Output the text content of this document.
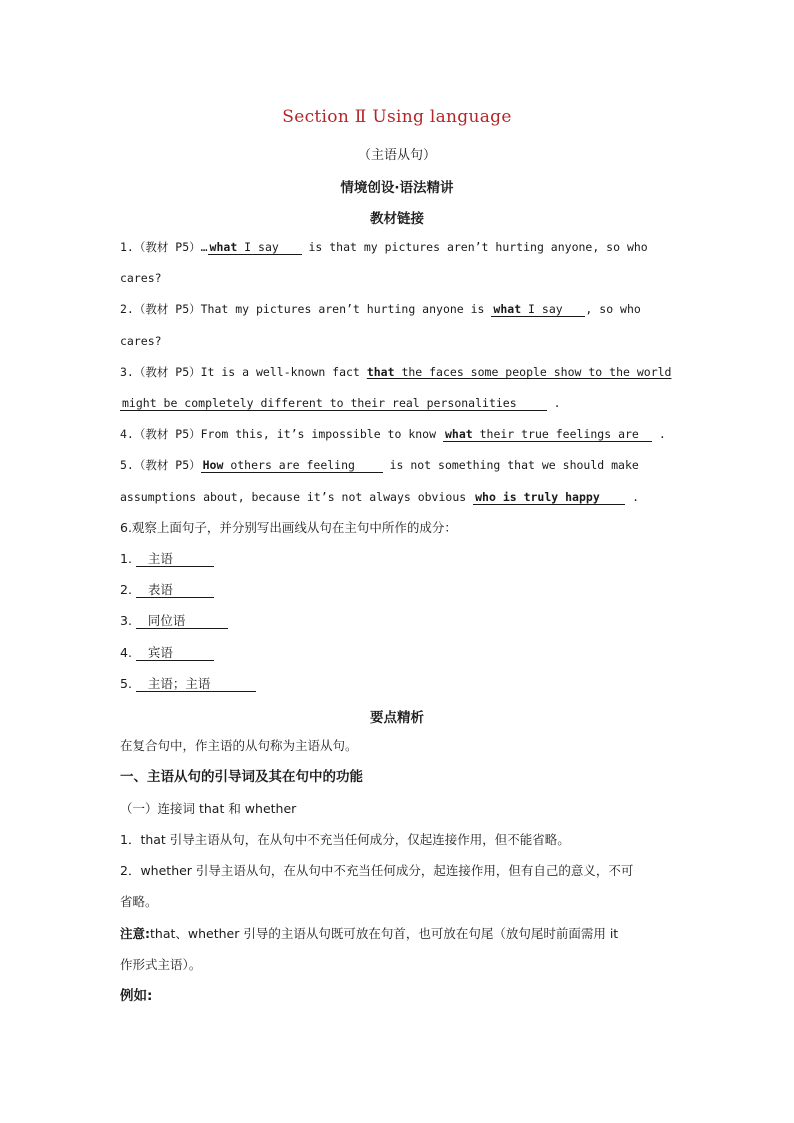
Section Ⅱ Using language
（主语从句）
情境创设·语法精讲
教材链接
1.（教材 P5）… what I say is that my pictures aren’t hurting anyone, so who
cares?
2.（教材 P5）That my pictures aren’t hurting anyone is what I say , so who
cares?
3.（教材 P5）It is a well-known fact that the faces some people show to the world
might be completely different to their real personalities	.
4.（教材 P5）From this, it’s impossible to know what their true feelings are .
5.（教材 P5） How others are feeling	is not something that we should make
assumptions about, because it’s not always obvious who is truly happy	.
6.观察上面句子，并分别写出画线从句在主句中所作的成分：
1. 主语
2. 表语
3. 同位语
4. 宾语
5. 主语；主语
要点精析
在复合句中，作主语的从句称为主语从句。
一、主语从句的引导词及其在句中的功能
（一）连接词 that 和 whether
1．that 引导主语从句，在从句中不充当任何成分，仅起连接作用，但不能省略。
2．whether 引导主语从句，在从句中不充当任何成分，起连接作用，但有自己的意义，不可
省略。
注意:that、whether 引导的主语从句既可放在句首，也可放在句尾（放句尾时前面需用 it
作形式主语）。
例如:
